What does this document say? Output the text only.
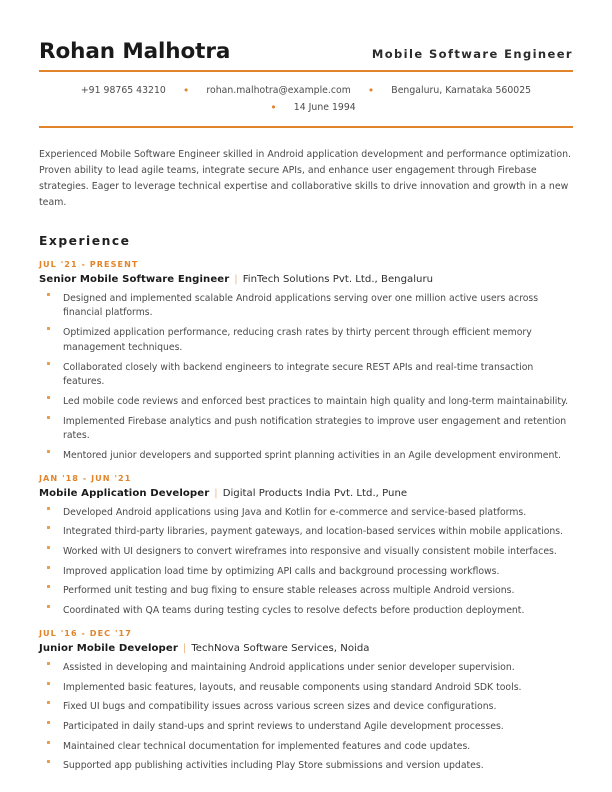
Rohan Malhotra	Mobile Software Engineer
+91 98765 43210 • rohan.malhotra@example.com • Bengaluru, Karnataka 560025
• 14 June 1994
Experienced Mobile Software Engineer skilled in Android application development and performance optimization. Proven ability to lead agile teams, integrate secure APIs, and enhance user engagement through Firebase strategies. Eager to leverage technical expertise and collaborative skills to drive innovation and growth in a new team.
Experience
JUL '21 - PRESENT
Senior Mobile Software Engineer | FinTech Solutions Pvt. Ltd., Bengaluru
Designed and implemented scalable Android applications serving over one million active users across financial platforms.
Optimized application performance, reducing crash rates by thirty percent through efficient memory management techniques.
Collaborated closely with backend engineers to integrate secure REST APIs and real-time transaction features.
Led mobile code reviews and enforced best practices to maintain high quality and long-term maintainability.
Implemented Firebase analytics and push notification strategies to improve user engagement and retention rates.
Mentored junior developers and supported sprint planning activities in an Agile development environment.
JAN '18 - JUN '21
Mobile Application Developer | Digital Products India Pvt. Ltd., Pune
Developed Android applications using Java and Kotlin for e-commerce and service-based platforms.
Integrated third-party libraries, payment gateways, and location-based services within mobile applications.
Worked with UI designers to convert wireframes into responsive and visually consistent mobile interfaces.
Improved application load time by optimizing API calls and background processing workflows.
Performed unit testing and bug fixing to ensure stable releases across multiple Android versions.
Coordinated with QA teams during testing cycles to resolve defects before production deployment.
JUL '16 - DEC '17
Junior Mobile Developer | TechNova Software Services, Noida
Assisted in developing and maintaining Android applications under senior developer supervision.
Implemented basic features, layouts, and reusable components using standard Android SDK tools.
Fixed UI bugs and compatibility issues across various screen sizes and device configurations.
Participated in daily stand-ups and sprint reviews to understand Agile development processes.
Maintained clear technical documentation for implemented features and code updates.
Supported app publishing activities including Play Store submissions and version updates.
